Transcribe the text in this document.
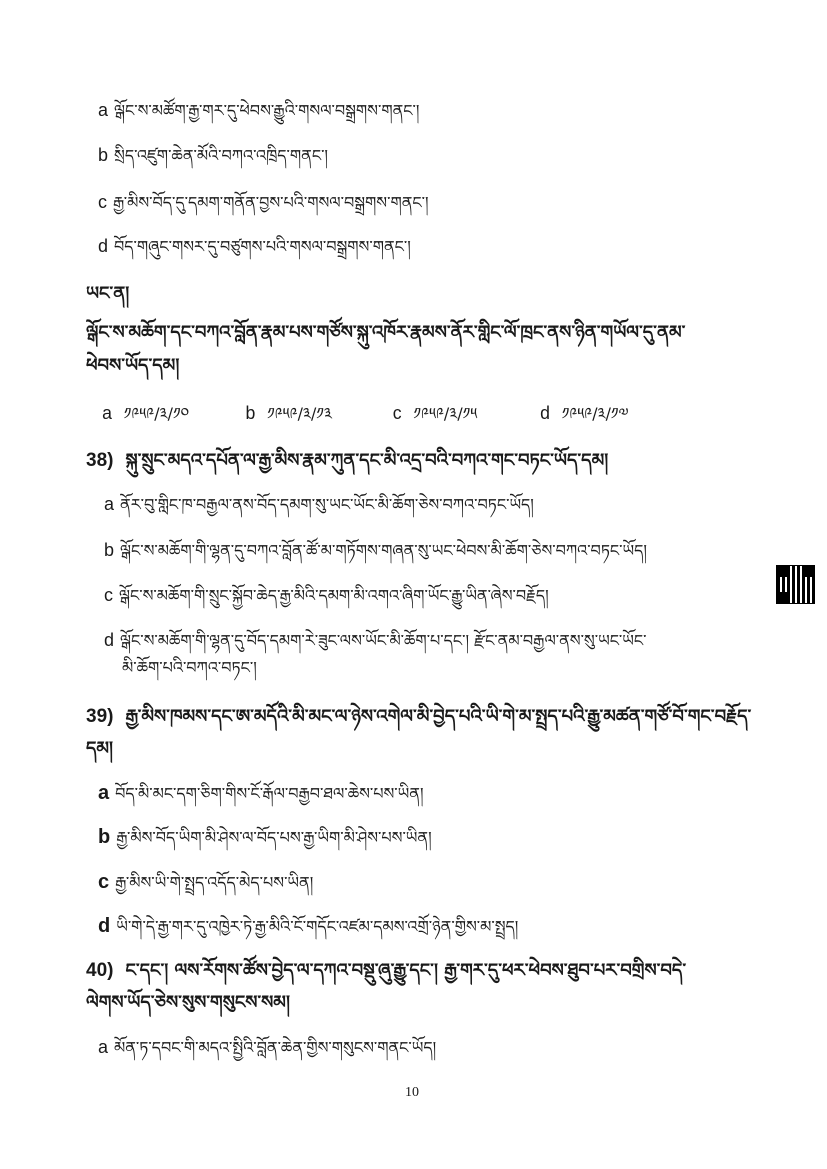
a ལྒོང་ས་མཚོག་རྒྱ་གར་དུ་ཕེབས་རྒྱུའི་གསལ་བསྒྲགས་གནང་།
b སྲིད་འཛུག་ཆེན་མོའི་བཀའ་འཁྲིད་གནང་།
c རྒྱ་མིས་བོད་དུ་དམག་གནོན་བྱས་པའི་གསལ་བསྒྲགས་གནང་།
d བོད་གཞུང་གསར་དུ་བཙུགས་པའི་གསལ་བསྒྲགས་གནང་།
ཡང་ན།
ལྒོང་ས་མཆོག་དང་བཀའ་བློན་རྣམ་པས་གཙོས་སྐུ་འཁོར་རྣམས་ནོར་གླིང་ལོ་ཁྲང་ནས་ཉིན་གཡོལ་དུ་ནམ་
ཕེབས་ཡོད་དམ།
a ༡༩༥༩/༣/༡༠	b ༡༩༥༩/༣/༡༣	c ༡༩༥༩/༣/༡༥	d ༡༩༥༩/༣/༡༧
38) སྐུ་སྲུང་མདའ་དཔོན་ལ་རྒྱ་མིས་རྣམ་ཀུན་དང་མི་འདྲ་བའི་བཀའ་གང་བཏང་ཡོད་དམ།
a ནོར་བུ་གླིང་ཁ་བརྒྱལ་ནས་བོད་དམག་སུ་ཡང་ཡོང་མི་ཆོག་ཅེས་བཀའ་བཏང་ཡོད།
b ལྒོང་ས་མཆོག་གི་ལྷན་དུ་བཀའ་བློན་ཚོ་མ་གཏོགས་གཞན་སུ་ཡང་ཕེབས་མི་ཆོག་ཅེས་བཀའ་བཏང་ཡོད།
c ལྒོང་ས་མཆོག་གི་སྲུང་སྐྱོབ་ཆེད་རྒྱ་མིའི་དམག་མི་འགའ་ཞིག་ཡོང་རྒྱུ་ཡིན་ཞེས་བརྗོད།
d ལྒོང་ས་མཆོག་གི་ལྷན་དུ་བོད་དམག་རེ་ཟུང་ལས་ཡོང་མི་ཆོག་པ་དང་། རྫོང་ནམ་བརྒྱལ་ནས་སུ་ཡང་ཡོང་
མི་ཆོག་པའི་བཀའ་བཏང་།
39) རྒྱ་མིས་ཁམས་དང་ཨ་མདོའི་མི་མང་ལ་ཉེས་འགེལ་མི་བྱེད་པའི་ཡི་གེ་མ་སྤྲད་པའི་རྒྱུ་མཚན་གཙོ་བོ་གང་བརྗོད་
དམ།
a བོད་མི་མང་དག་ཅིག་གིས་ངོ་རྒོལ་བརྒྱབ་ཐལ་ཆེས་པས་ཡིན།
b རྒྱ་མིས་བོད་ཡིག་མི་ཤེས་ལ་བོད་པས་རྒྱ་ཡིག་མི་ཤེས་པས་ཡིན།
c རྒྱ་མིས་ཡི་གེ་སྤྲད་འདོད་མེད་པས་ཡིན།
d ཡི་གེ་དེ་རྒྱ་གར་དུ་འཁྱེར་ཏེ་རྒྱ་མིའི་ངོ་གདོང་འཛམ་དམས་འགྲོ་ཉེན་གྱིས་མ་སྤྲད།
40) ང་དང་། ལས་རོགས་ཚོས་བྱེད་ལ་དཀའ་བསྡུ་ཞུ་རྒྱུ་དང་། རྒྱ་གར་དུ་ཕར་ཕེབས་ཐུབ་པར་བགྲིས་བདེ་
ལེགས་ཡོད་ཅེས་སུས་གསུངས་སམ།
a མོན་ཏ་དབང་གི་མདའ་སྤྱིའི་བློན་ཆེན་གྱིས་གསུངས་གནང་ཡོད།
10
